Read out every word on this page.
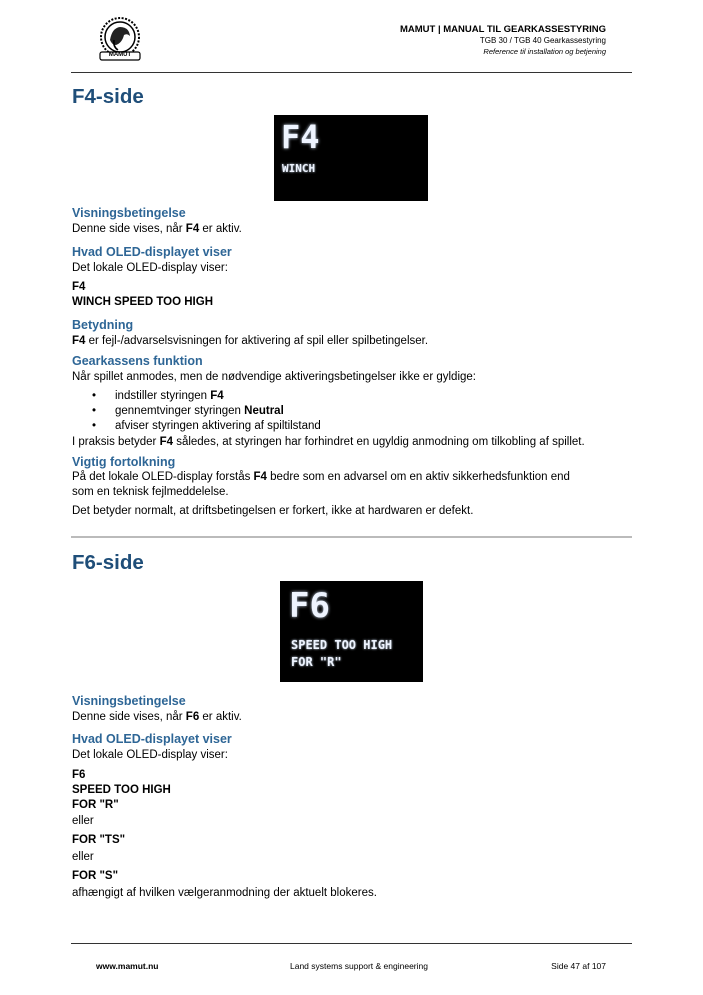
MAMUT
MAMUT | MANUAL TIL GEARKASSESTYRING
TGB 30 / TGB 40 Gearkassestyring
Reference til installation og betjening
F4-side
F4
WINCH
Visningsbetingelse
Denne side vises, når F4 er aktiv.
Hvad OLED-displayet viser
Det lokale OLED-display viser:
F4
WINCH SPEED TOO HIGH
Betydning
F4 er fejl-/advarselsvisningen for aktivering af spil eller spilbetingelser.
Gearkassens funktion
Når spillet anmodes, men de nødvendige aktiveringsbetingelser ikke er gyldige:
• indstiller styringen F4
• gennemtvinger styringen Neutral
• afviser styringen aktivering af spiltilstand
I praksis betyder F4 således, at styringen har forhindret en ugyldig anmodning om tilkobling af spillet.
Vigtig fortolkning
På det lokale OLED-display forstås F4 bedre som en advarsel om en aktiv sikkerhedsfunktion end
som en teknisk fejlmeddelelse.
Det betyder normalt, at driftsbetingelsen er forkert, ikke at hardwaren er defekt.
F6-side
F6
SPEED TOO HIGH
FOR "R"
Visningsbetingelse
Denne side vises, når F6 er aktiv.
Hvad OLED-displayet viser
Det lokale OLED-display viser:
F6
SPEED TOO HIGH
FOR "R"
eller
FOR "TS"
eller
FOR "S"
afhængigt af hvilken vælgeranmodning der aktuelt blokeres.
www.mamut.nu	Land systems support & engineering	Side 47 af 107
